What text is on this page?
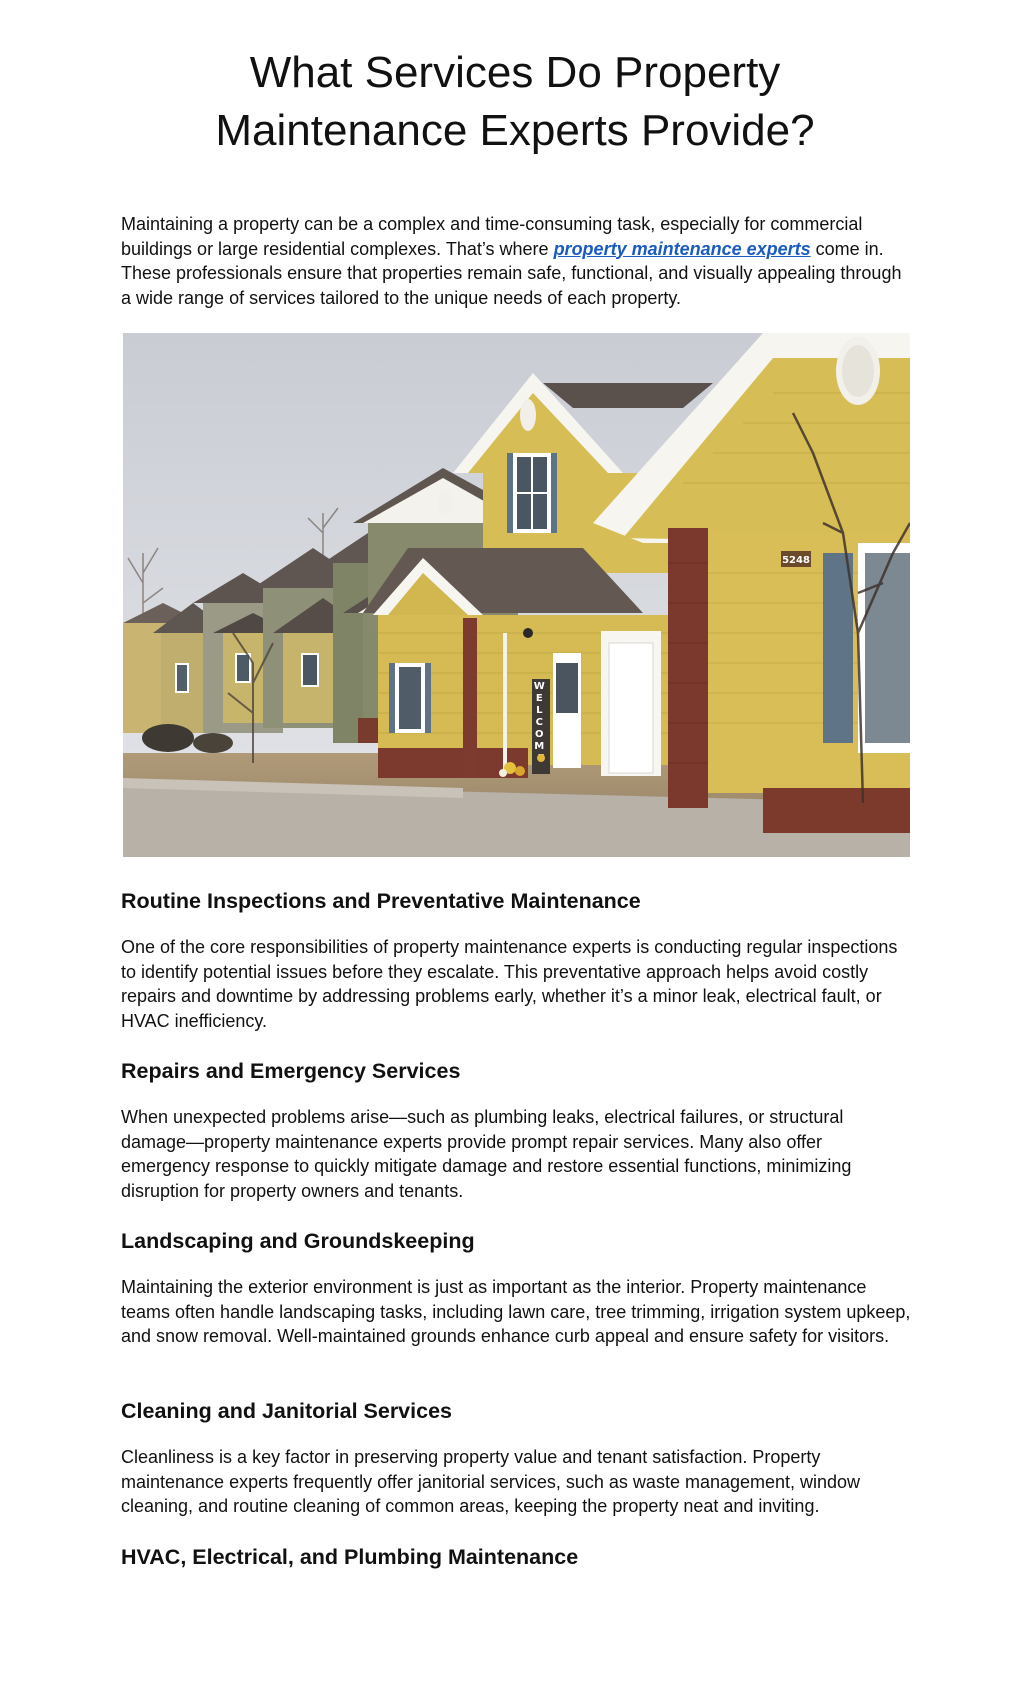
What Services Do Property Maintenance Experts Provide?

Maintaining a property can be a complex and time-consuming task, especially for commercial buildings or large residential complexes. That’s where property maintenance experts come in. These professionals ensure that properties remain safe, functional, and visually appealing through a wide range of services tailored to the unique needs of each property.

W E L C O M
5248
Routine Inspections and Preventative Maintenance

One of the core responsibilities of property maintenance experts is conducting regular inspections to identify potential issues before they escalate. This preventative approach helps avoid costly repairs and downtime by addressing problems early, whether it’s a minor leak, electrical fault, or HVAC inefficiency.

Repairs and Emergency Services

When unexpected problems arise—such as plumbing leaks, electrical failures, or structural damage—property maintenance experts provide prompt repair services. Many also offer emergency response to quickly mitigate damage and restore essential functions, minimizing disruption for property owners and tenants.

Landscaping and Groundskeeping

Maintaining the exterior environment is just as important as the interior. Property maintenance teams often handle landscaping tasks, including lawn care, tree trimming, irrigation system upkeep, and snow removal. Well-maintained grounds enhance curb appeal and ensure safety for visitors.

Cleaning and Janitorial Services

Cleanliness is a key factor in preserving property value and tenant satisfaction. Property maintenance experts frequently offer janitorial services, such as waste management, window cleaning, and routine cleaning of common areas, keeping the property neat and inviting.

HVAC, Electrical, and Plumbing Maintenance
